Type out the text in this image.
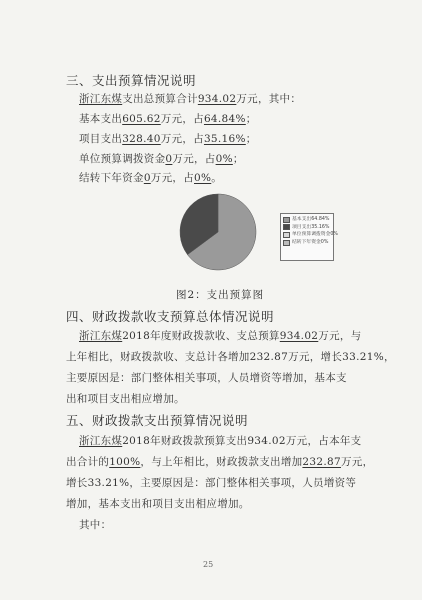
三、支出预算情况说明
浙江东煤支出总预算合计934.02万元，其中：
基本支出605.62万元，占64.84%；
项目支出328.40万元，占35.16%；
单位预算调拨资金0万元，占0%；
结转下年资金0万元，占0%。
基本支出64.84%
项目支出35.16%
单位预算调拨资金0%
结转下年资金0%
图2：支出预算图
四、财政拨款收支预算总体情况说明
浙江东煤2018年度财政拨款收、支总预算934.02万元，与
上年相比，财政拨款收、支总计各增加232.87万元，增长33.21%，
主要原因是：部门整体相关事项，人员增资等增加，基本支
出和项目支出相应增加。
五、财政拨款支出预算情况说明
浙江东煤2018年财政拨款预算支出934.02万元，占本年支
出合计的100%，与上年相比，财政拨款支出增加232.87万元，
增长33.21%，主要原因是：部门整体相关事项，人员增资等
增加，基本支出和项目支出相应增加。
其中：
25
